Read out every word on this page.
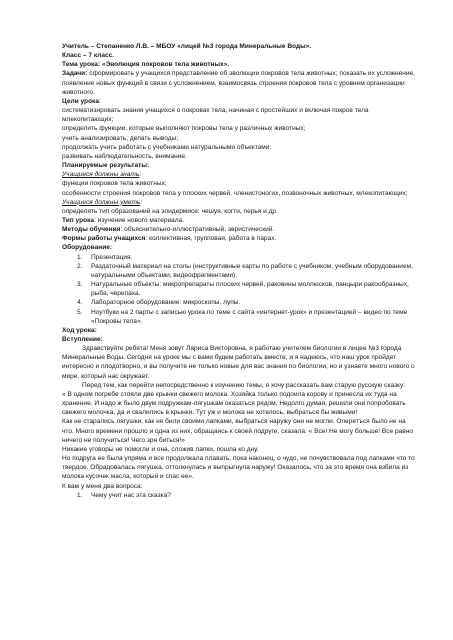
Учитель – Степаненко Л.В. – МБОУ «лицей №3 города Минеральные Воды».
Класс – 7 класс.
Тема урока: «Эволюция покровов тела животных».
Задачи: сформировать у учащихся представление об эволюции покровов тела животных; показать их усложнение, появление новых функций в связи с усложнением, взаимосвязь строения покровов тела с уровнем организации животного.
Цели урока:
систематизировать знания учащихся о покровах тела, начиная с простейших и включая покров тела млекопитающих;
определить функции, которые выполняют покровы тела у различных животных;
учить анализировать, делать выводы;
продолжать учить работать с учебниками натуральными объектами;
развивать наблюдательность, внимание.
Планируемые результаты:
Учащиеся должны знать:
функции покровов тела животных;
особенности строения покровов тела у плоских червей, членистоногих, позвоночных животных, млекопитающих;
Учащиеся должны уметь:
определять тип образований на эпидермисе: чешуя, когти, перья и др.
Тип урока: изучение нового материала.
Методы обучения: объяснительно-иллюстративный, эвристический.
Формы работы учащихся: коллективная, групповая, работа в парах.
Оборудование:
1. Презентация.
2. Раздаточный материал на столы (инструктивные карты по работе с учебником, учебным оборудованием, натуральными объектами, видеофрагментами).
3. Натуральные объекты: микропрепараты плоских червей, раковины моллюсков, панцыри ракообразных, рыба, черепаха.
4. Лабораторное оборудование: микроскопы, лупы.
5. Ноутбуки на 2 парты с записью урока по теме с сайта «интернет-урок» и презентацией – видео по теме «Покровы тела».
Ход урока:
Вступление:
Здравствуйте ребята! Меня зовут Лариса Викторовна, я работаю учителем биологии в лицее №3 города Минеральные Воды. Сегодня на уроке мы с вами будем работать вместе, и я надеюсь, что наш урок пройдет интересно и плодотворно, и вы получите не только новые для вас знания по биологии, но и узнаете много нового о мире, который нас окружает.
Перед тем, как перейти непосредственно к изучению темы, я хочу рассказать вам старую русскую сказку:
« В одном погребе стояли две крынки свежего молока. Хозяйка только подоила корову и принесла их туда на хранение. И надо ж было двум подружкам-лягушкам оказаться рядом. Недолго думая, решили они попробовать свежего молочка, да и свалились в крынки. Тут уж и молока не хотелось, выбраться бы живыми!
Как не старались лягушки, как не били своими лапками, выбраться наружу они не могли. Оперетъся было не на что. Много времени прошло и одна из них, обращаясь к своей подруге, сказала: « Все! Не могу больше! Все равно ничего не получиться! Чего зря биться!»
Никакие уговоры не помогли и она, сложив лапки, пошла ко дну.
Но подруга ее была упряма и все продолжала плавать, пока наконец, о чудо, не почувствовала под лапками что то твердое. Обрадовалась лягушка, оттолкнулась и выпрыгнула наружу! Оказалось, что за это время она взбила из молока кусочек масла, который и спас ее».
К вам у меня два вопроса:
1. Чему учит нас эта сказка?
